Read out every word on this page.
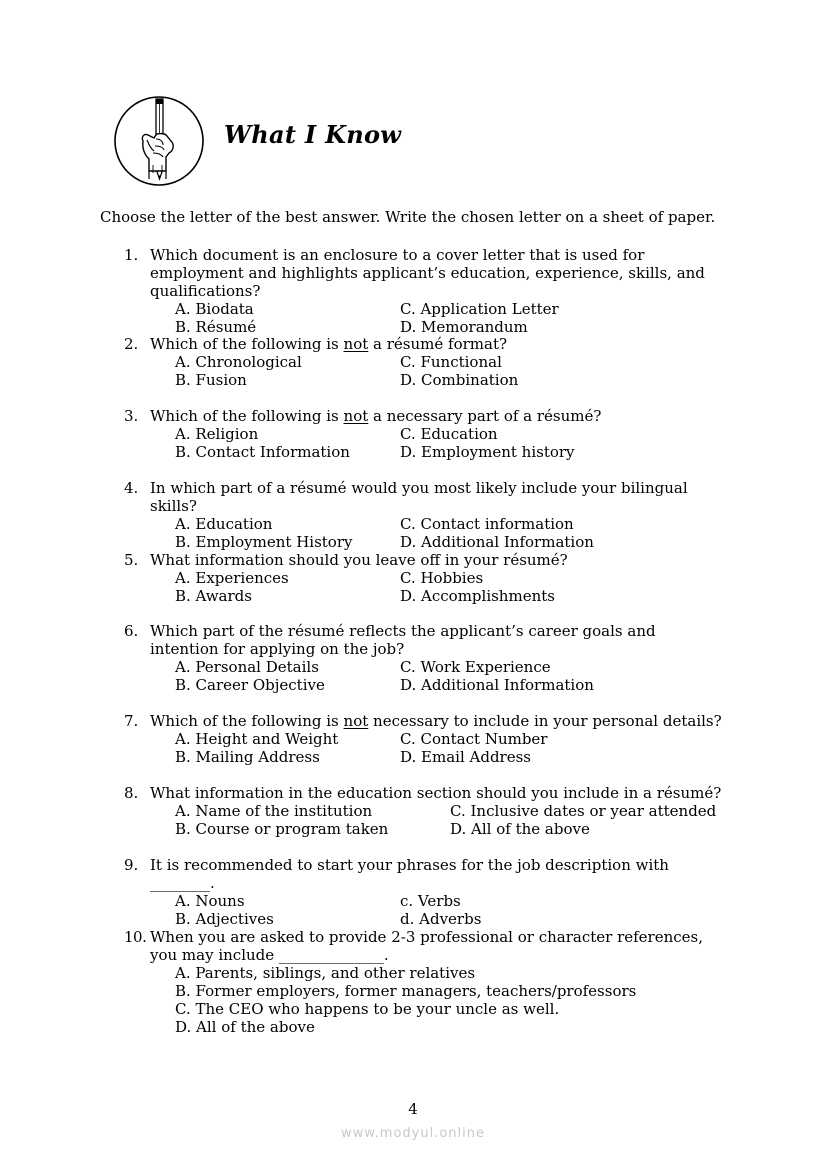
What I Know
Choose the letter of the best answer. Write the chosen letter on a sheet of paper.
1. Which document is an enclosure to a cover letter that is used for employment and highlights applicant’s education, experience, skills, and qualifications?
A. Biodata	C. Application Letter
B. Résumé	D. Memorandum
2. Which of the following is not a résumé format?
A. Chronological	C. Functional
B. Fusion	D. Combination
3. Which of the following is not a necessary part of a résumé?
A. Religion	C. Education
B. Contact Information	D. Employment history
4. In which part of a résumé would you most likely include your bilingual skills?
A. Education	C. Contact information
B. Employment History	D. Additional Information
5. What information should you leave off in your résumé?
A. Experiences	C. Hobbies
B. Awards	D. Accomplishments
6. Which part of the résumé reflects the applicant’s career goals and intention for applying on the job?
A. Personal Details	C. Work Experience
B. Career Objective	D. Additional Information
7. Which of the following is not necessary to include in your personal details?
A. Height and Weight	C. Contact Number
B. Mailing Address	D. Email Address
8. What information in the education section should you include in a résumé?
A. Name of the institution	C. Inclusive dates or year attended
B. Course or program taken	D. All of the above
9. It is recommended to start your phrases for the job description with ________.
A. Nouns	c. Verbs
B. Adjectives	d. Adverbs
10. When you are asked to provide 2-3 professional or character references, you may include ______________.
A. Parents, siblings, and other relatives
B. Former employers, former managers, teachers/professors
C. The CEO who happens to be your uncle as well.
D. All of the above
4
www.modyul.online
